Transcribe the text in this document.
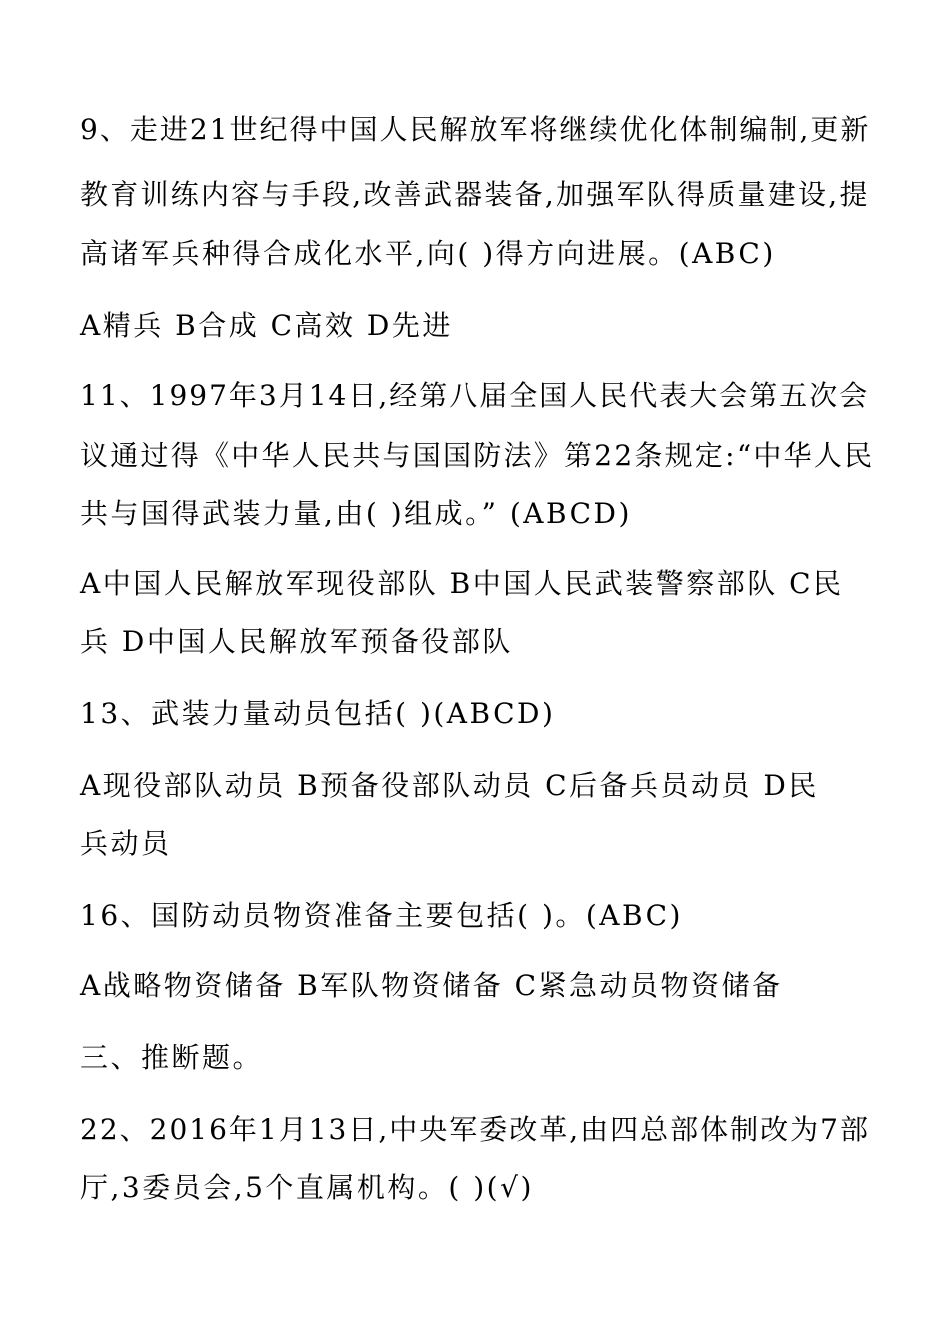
9、走进21世纪得中国人民解放军将继续优化体制编制,更新
教育训练内容与手段,改善武器装备,加强军队得质量建设,提
高诸军兵种得合成化水平,向( )得方向进展。(ABC)
A精兵 B合成 C高效 D先进
11、1997年3月14日,经第八届全国人民代表大会第五次会
议通过得《中华人民共与国国防法》第22条规定:“中华人民
共与国得武装力量,由( )组成。” (ABCD)
A中国人民解放军现役部队 B中国人民武装警察部队 C民
兵 D中国人民解放军预备役部队
13、武装力量动员包括( )(ABCD)
A现役部队动员 B预备役部队动员 C后备兵员动员 D民
兵动员
16、国防动员物资准备主要包括( )。(ABC)
A战略物资储备 B军队物资储备 C紧急动员物资储备
三、推断题。
22、2016年1月13日,中央军委改革,由四总部体制改为7部
厅,3委员会,5个直属机构。( )(√)
